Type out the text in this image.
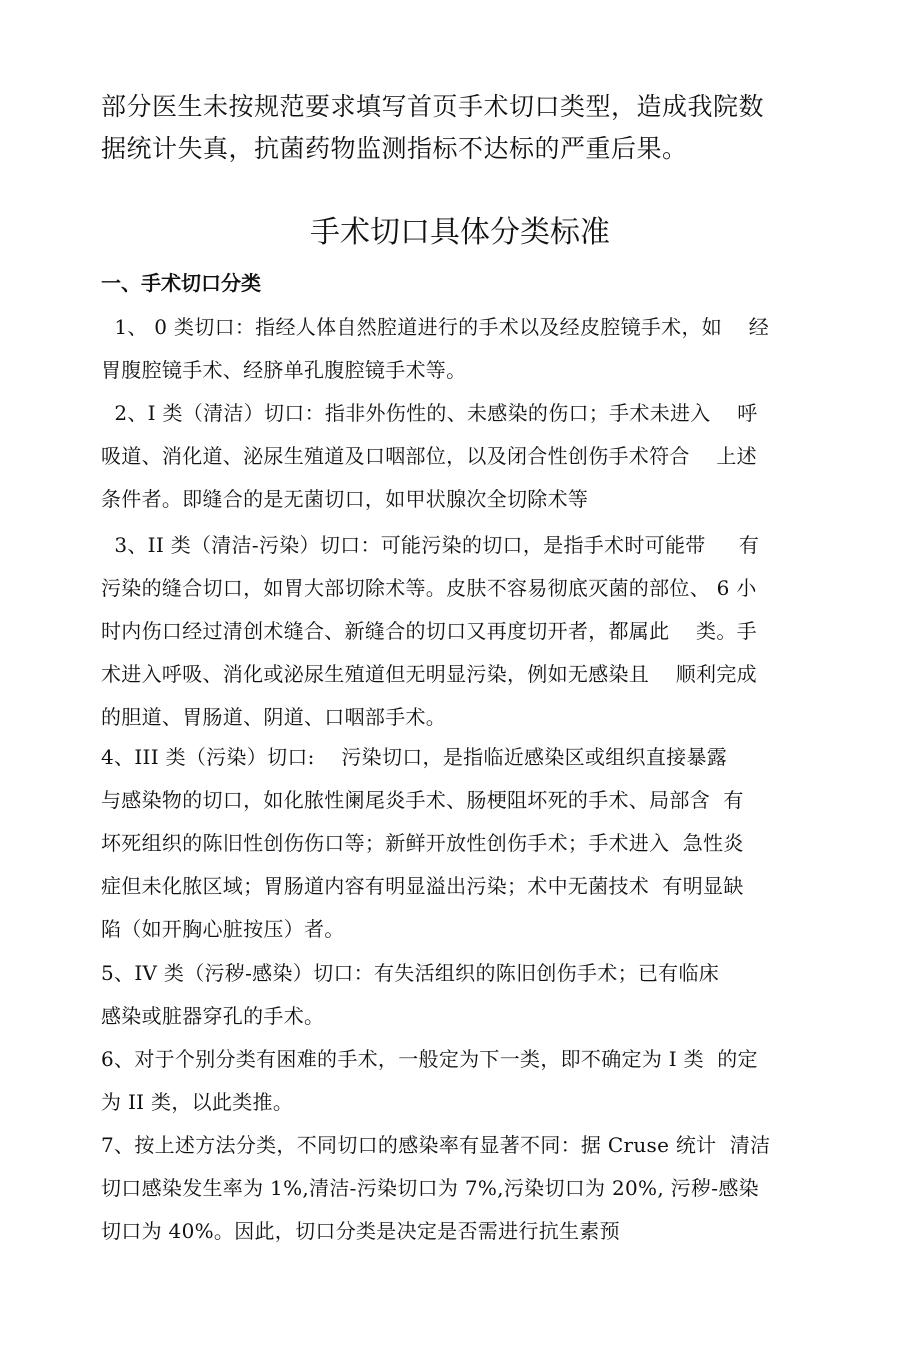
部分医生未按规范要求填写首页手术切口类型，造成我院数
据统计失真，抗菌药物监测指标不达标的严重后果。
手术切口具体分类标准
一、手术切口分类
1、 0 类切口：指经人体自然腔道进行的手术以及经皮腔镜手术，如    经
胃腹腔镜手术、经脐单孔腹腔镜手术等。
2、I 类（清洁）切口：指非外伤性的、未感染的伤口；手术未进入    呼
吸道、消化道、泌尿生殖道及口咽部位，以及闭合性创伤手术符合    上述
条件者。即缝合的是无菌切口，如甲状腺次全切除术等
3、II 类（清洁-污染）切口：可能污染的切口，是指手术时可能带     有
污染的缝合切口，如胃大部切除术等。皮肤不容易彻底灭菌的部位、 6 小
时内伤口经过清创术缝合、新缝合的切口又再度切开者，都属此    类。手
术进入呼吸、消化或泌尿生殖道但无明显污染，例如无感染且    顺利完成
的胆道、胃肠道、阴道、口咽部手术。
4、III 类（污染）切口:    污染切口，是指临近感染区或组织直接暴露
与感染物的切口，如化脓性阑尾炎手术、肠梗阻坏死的手术、局部含  有
坏死组织的陈旧性创伤伤口等；新鲜开放性创伤手术；手术进入  急性炎
症但未化脓区域；胃肠道内容有明显溢出污染；术中无菌技术  有明显缺
陷（如开胸心脏按压）者。
5、IV 类（污秽-感染）切口：有失活组织的陈旧创伤手术；已有临床
感染或脏器穿孔的手术。
6、对于个别分类有困难的手术，一般定为下一类，即不确定为 I 类  的定
为 II 类，以此类推。
7、按上述方法分类，不同切口的感染率有显著不同：据 Cruse 统计  清洁
切口感染发生率为 1%,清洁-污染切口为 7%,污染切口为 20%, 污秽-感染
切口为 40%。因此，切口分类是决定是否需进行抗生素预
